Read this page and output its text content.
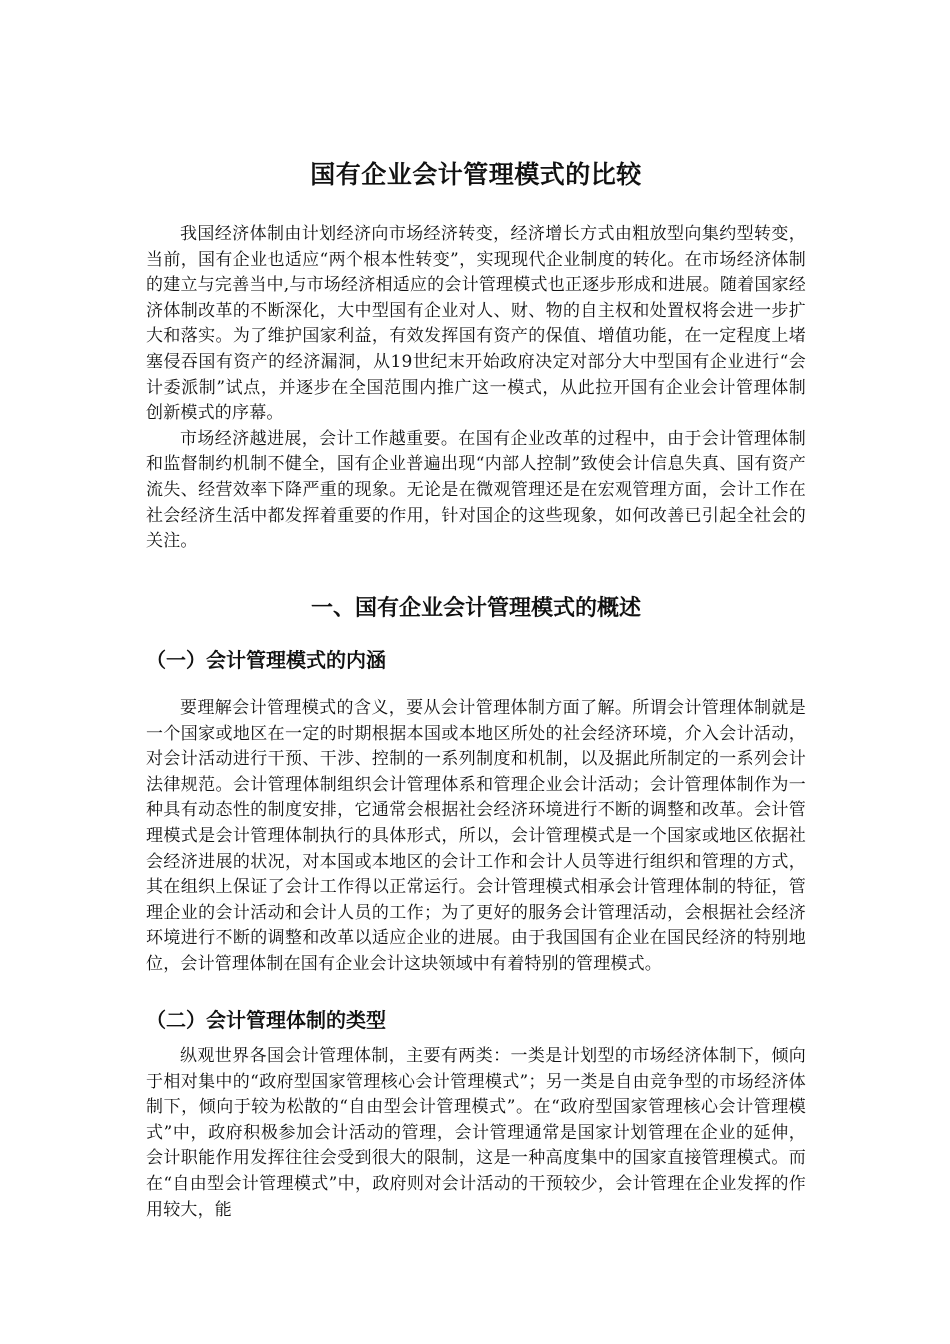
国有企业会计管理模式的比较

我国经济体制由计划经济向市场经济转变，经济增长方式由粗放型向集约型转变，当前，国有企业也适应“两个根本性转变”，实现现代企业制度的转化。在市场经济体制的建立与完善当中,与市场经济相适应的会计管理模式也正逐步形成和进展。随着国家经济体制改革的不断深化，大中型国有企业对人、财、物的自主权和处置权将会进一步扩大和落实。为了维护国家利益，有效发挥国有资产的保值、增值功能，在一定程度上堵塞侵吞国有资产的经济漏洞，从19世纪末开始政府决定对部分大中型国有企业进行“会计委派制”试点，并逐步在全国范围内推广这一模式，从此拉开国有企业会计管理体制创新模式的序幕。

市场经济越进展，会计工作越重要。在国有企业改革的过程中，由于会计管理体制和监督制约机制不健全，国有企业普遍出现“内部人控制”致使会计信息失真、国有资产流失、经营效率下降严重的现象。无论是在微观管理还是在宏观管理方面，会计工作在社会经济生活中都发挥着重要的作用，针对国企的这些现象，如何改善已引起全社会的关注。

一、国有企业会计管理模式的概述
（一）会计管理模式的内涵

要理解会计管理模式的含义，要从会计管理体制方面了解。所谓会计管理体制就是一个国家或地区在一定的时期根据本国或本地区所处的社会经济环境，介入会计活动，对会计活动进行干预、干涉、控制的一系列制度和机制，以及据此所制定的一系列会计法律规范。会计管理体制组织会计管理体系和管理企业会计活动；会计管理体制作为一种具有动态性的制度安排，它通常会根据社会经济环境进行不断的调整和改革。会计管理模式是会计管理体制执行的具体形式，所以，会计管理模式是一个国家或地区依据社会经济进展的状况，对本国或本地区的会计工作和会计人员等进行组织和管理的方式，其在组织上保证了会计工作得以正常运行。会计管理模式相承会计管理体制的特征，管理企业的会计活动和会计人员的工作；为了更好的服务会计管理活动，会根据社会经济环境进行不断的调整和改革以适应企业的进展。由于我国国有企业在国民经济的特别地位，会计管理体制在国有企业会计这块领域中有着特别的管理模式。

（二）会计管理体制的类型

纵观世界各国会计管理体制，主要有两类：一类是计划型的市场经济体制下，倾向于相对集中的“政府型国家管理核心会计管理模式”；另一类是自由竞争型的市场经济体制下，倾向于较为松散的“自由型会计管理模式”。在“政府型国家管理核心会计管理模式”中，政府积极参加会计活动的管理，会计管理通常是国家计划管理在企业的延伸，会计职能作用发挥往往会受到很大的限制，这是一种高度集中的国家直接管理模式。而在“自由型会计管理模式”中，政府则对会计活动的干预较少，会计管理在企业发挥的作用较大，能
